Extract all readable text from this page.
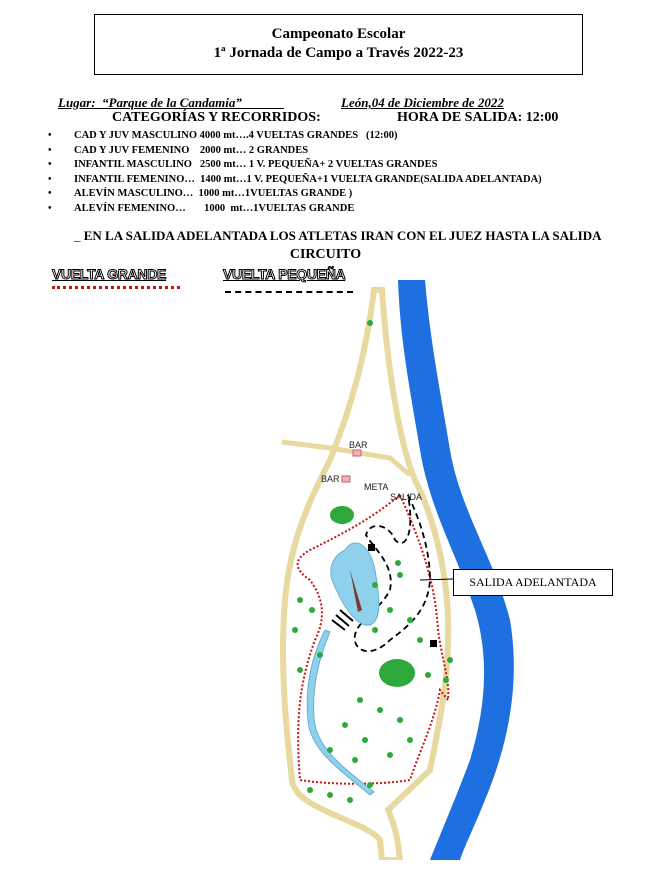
Campeonato Escolar
1ª Jornada de Campo a Través 2022-23
Lugar:  “Parque de la Candamia”	León,04 de Diciembre de 2022
CATEGORÍAS Y RECORRIDOS:	HORA DE SALIDA: 12:00
• CAD Y JUV MASCULINO 4000 mt….4 VUELTAS GRANDES   (12:00)
• CAD Y JUV FEMENINO    2000 mt… 2 GRANDES
• INFANTIL MASCULINO   2500 mt… 1 V. PEQUEÑA+ 2 VUELTAS GRANDES
• INFANTIL FEMENINO…  1400 mt…1 V. PEQUEÑA+1 VUELTA GRANDE(SALIDA ADELANTADA)
• ALEVÍN MASCULINO…  1000 mt…1VUELTAS GRANDE )
• ALEVÍN FEMENINO…       1000  mt…1VUELTAS GRANDE
_ EN LA SALIDA ADELANTADA LOS ATLETAS IRAN CON EL JUEZ HASTA LA SALIDA
CIRCUITO
VUELTA GRANDE	VUELTA PEQUEÑA
BAR
BAR
META
SALIDA
SALIDA ADELANTADA
